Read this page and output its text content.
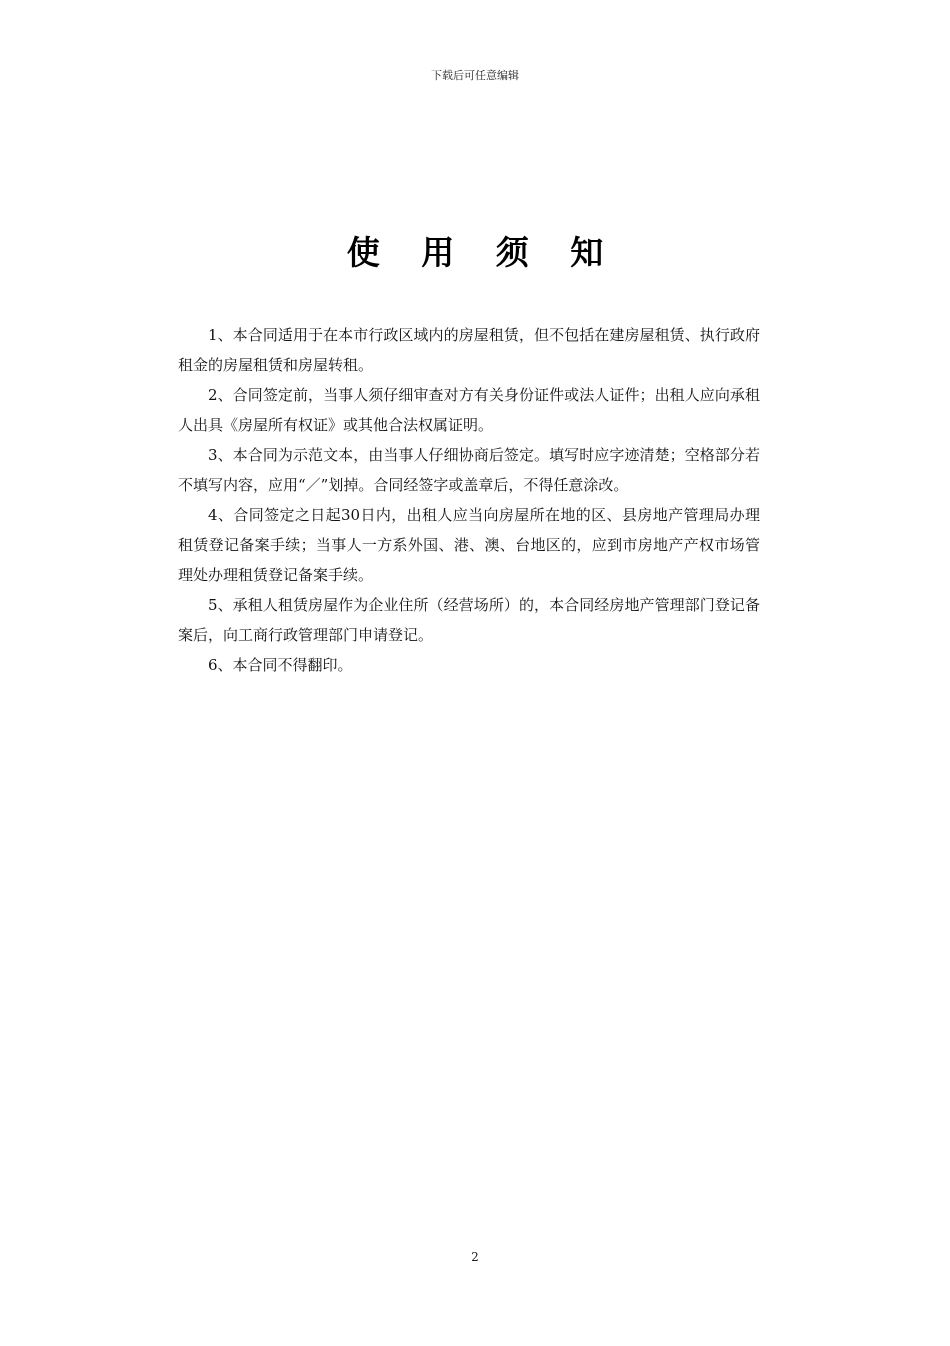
下载后可任意编辑
使 用 须 知

1、本合同适用于在本市行政区域内的房屋租赁，但不包括在建房屋租赁、执行政府租金的房屋租赁和房屋转租。

2、合同签定前，当事人须仔细审查对方有关身份证件或法人证件；出租人应向承租人出具《房屋所有权证》或其他合法权属证明。

3、本合同为示范文本，由当事人仔细协商后签定。填写时应字迹清楚；空格部分若不填写内容，应用“／”划掉。合同经签字或盖章后，不得任意涂改。

4、合同签定之日起30日内，出租人应当向房屋所在地的区、县房地产管理局办理租赁登记备案手续；当事人一方系外国、港、澳、台地区的，应到市房地产产权市场管理处办理租赁登记备案手续。

5、承租人租赁房屋作为企业住所（经营场所）的，本合同经房地产管理部门登记备案后，向工商行政管理部门申请登记。

6、本合同不得翻印。

2
